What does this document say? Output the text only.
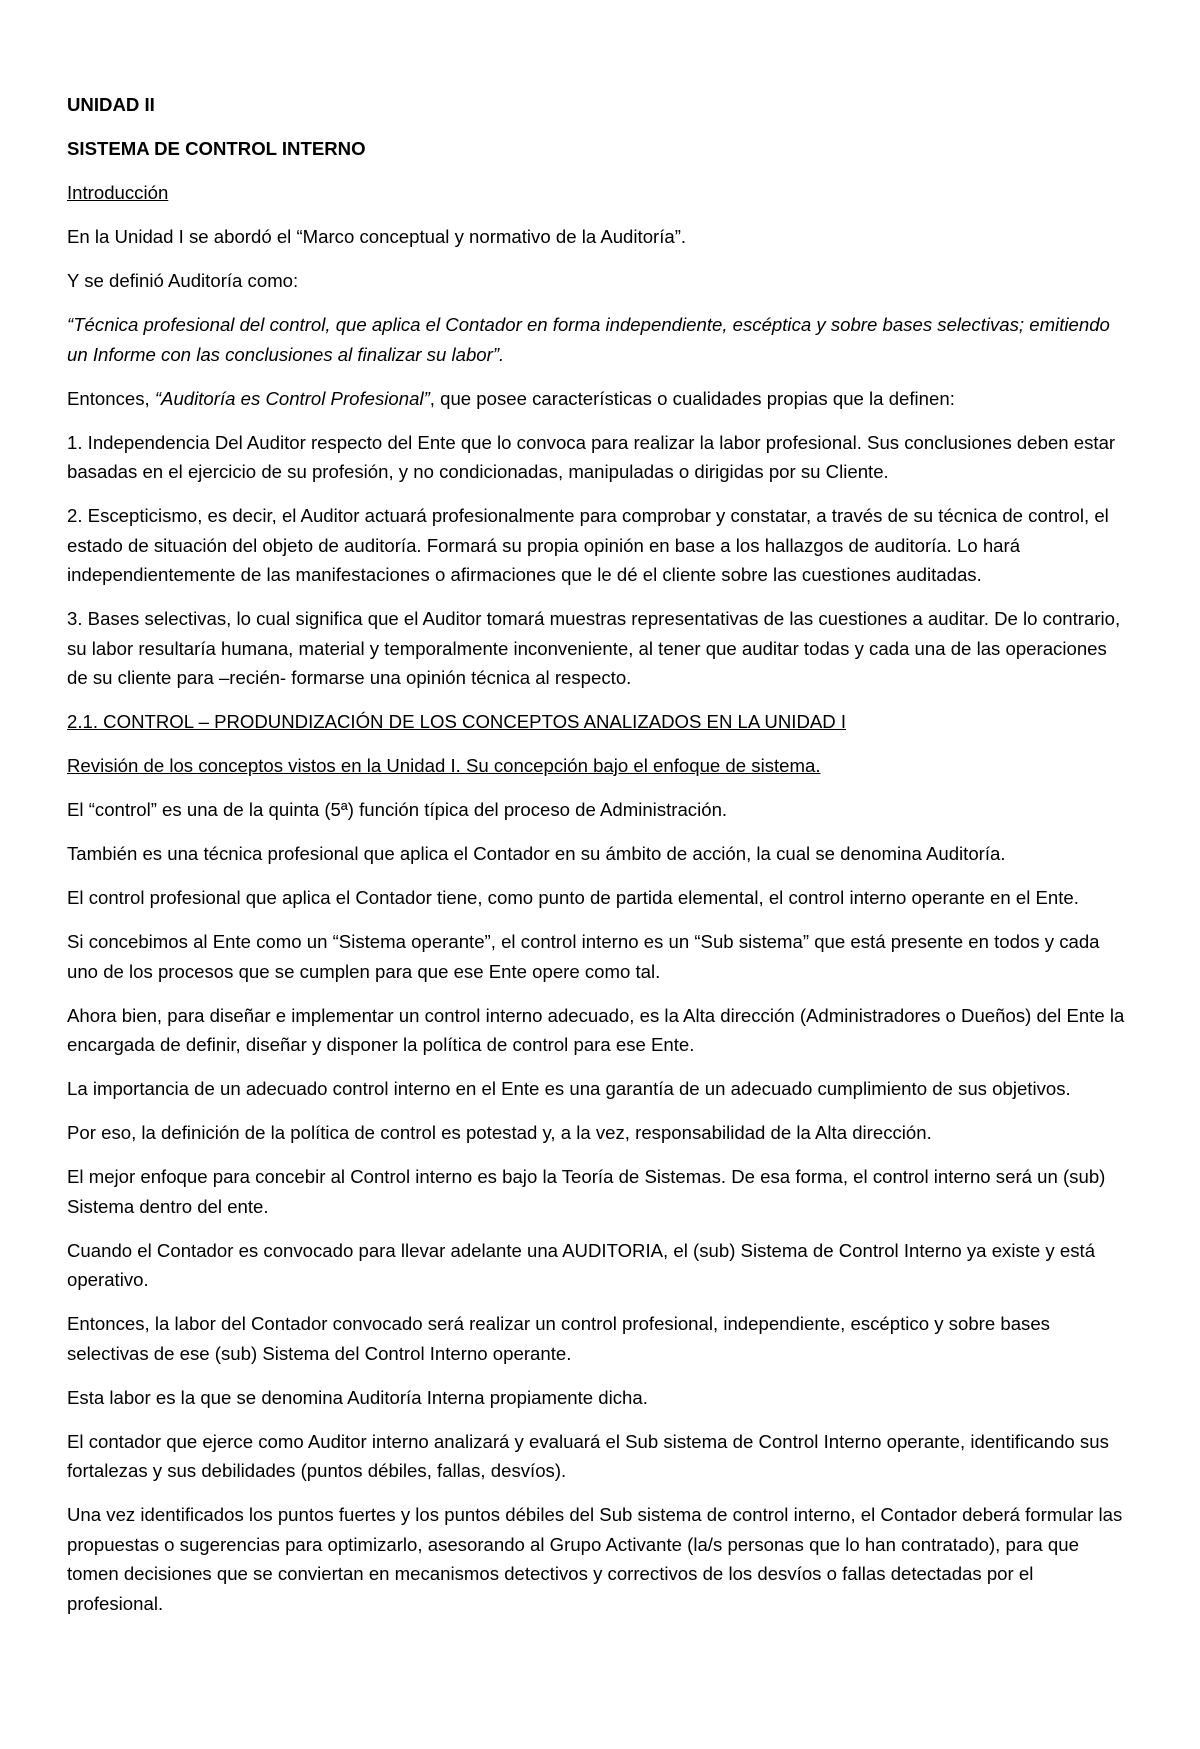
UNIDAD II

SISTEMA DE CONTROL INTERNO

Introducción

En la Unidad I se abordó el “Marco conceptual y normativo de la Auditoría”.

Y se definió Auditoría como:

“Técnica profesional del control, que aplica el Contador en forma independiente, escéptica y sobre bases selectivas; emitiendo un Informe con las conclusiones al finalizar su labor”.

Entonces, “Auditoría es Control Profesional”, que posee características o cualidades propias que la definen:

1. Independencia Del Auditor respecto del Ente que lo convoca para realizar la labor profesional. Sus conclusiones deben estar basadas en el ejercicio de su profesión, y no condicionadas, manipuladas o dirigidas por su Cliente.

2. Escepticismo, es decir, el Auditor actuará profesionalmente para comprobar y constatar, a través de su técnica de control, el estado de situación del objeto de auditoría. Formará su propia opinión en base a los hallazgos de auditoría. Lo hará independientemente de las manifestaciones o afirmaciones que le dé el cliente sobre las cuestiones auditadas.

3. Bases selectivas, lo cual significa que el Auditor tomará muestras representativas de las cuestiones a auditar. De lo contrario, su labor resultaría humana, material y temporalmente inconveniente, al tener que auditar todas y cada una de las operaciones de su cliente para –recién- formarse una opinión técnica al respecto.

2.1. CONTROL – PRODUNDIZACIÓN DE LOS CONCEPTOS ANALIZADOS EN LA UNIDAD I

Revisión de los conceptos vistos en la Unidad I. Su concepción bajo el enfoque de sistema.

El “control” es una de la quinta (5ª) función típica del proceso de Administración.

También es una técnica profesional que aplica el Contador en su ámbito de acción, la cual se denomina Auditoría.

El control profesional que aplica el Contador tiene, como punto de partida elemental, el control interno operante en el Ente.

Si concebimos al Ente como un “Sistema operante”, el control interno es un “Sub sistema” que está presente en todos y cada uno de los procesos que se cumplen para que ese Ente opere como tal.

Ahora bien, para diseñar e implementar un control interno adecuado, es la Alta dirección (Administradores o Dueños) del Ente la encargada de definir, diseñar y disponer la política de control para ese Ente.

La importancia de un adecuado control interno en el Ente es una garantía de un adecuado cumplimiento de sus objetivos.

Por eso, la definición de la política de control es potestad y, a la vez, responsabilidad de la Alta dirección.

El mejor enfoque para concebir al Control interno es bajo la Teoría de Sistemas. De esa forma, el control interno será un (sub) Sistema dentro del ente.

Cuando el Contador es convocado para llevar adelante una AUDITORIA, el (sub) Sistema de Control Interno ya existe y está operativo.

Entonces, la labor del Contador convocado será realizar un control profesional, independiente, escéptico y sobre bases selectivas de ese (sub) Sistema del Control Interno operante.

Esta labor es la que se denomina Auditoría Interna propiamente dicha.

El contador que ejerce como Auditor interno analizará y evaluará el Sub sistema de Control Interno operante, identificando sus fortalezas y sus debilidades (puntos débiles, fallas, desvíos).

Una vez identificados los puntos fuertes y los puntos débiles del Sub sistema de control interno, el Contador deberá formular las propuestas o sugerencias para optimizarlo, asesorando al Grupo Activante (la/s personas que lo han contratado), para que tomen decisiones que se conviertan en mecanismos detectivos y correctivos de los desvíos o fallas detectadas por el profesional.
